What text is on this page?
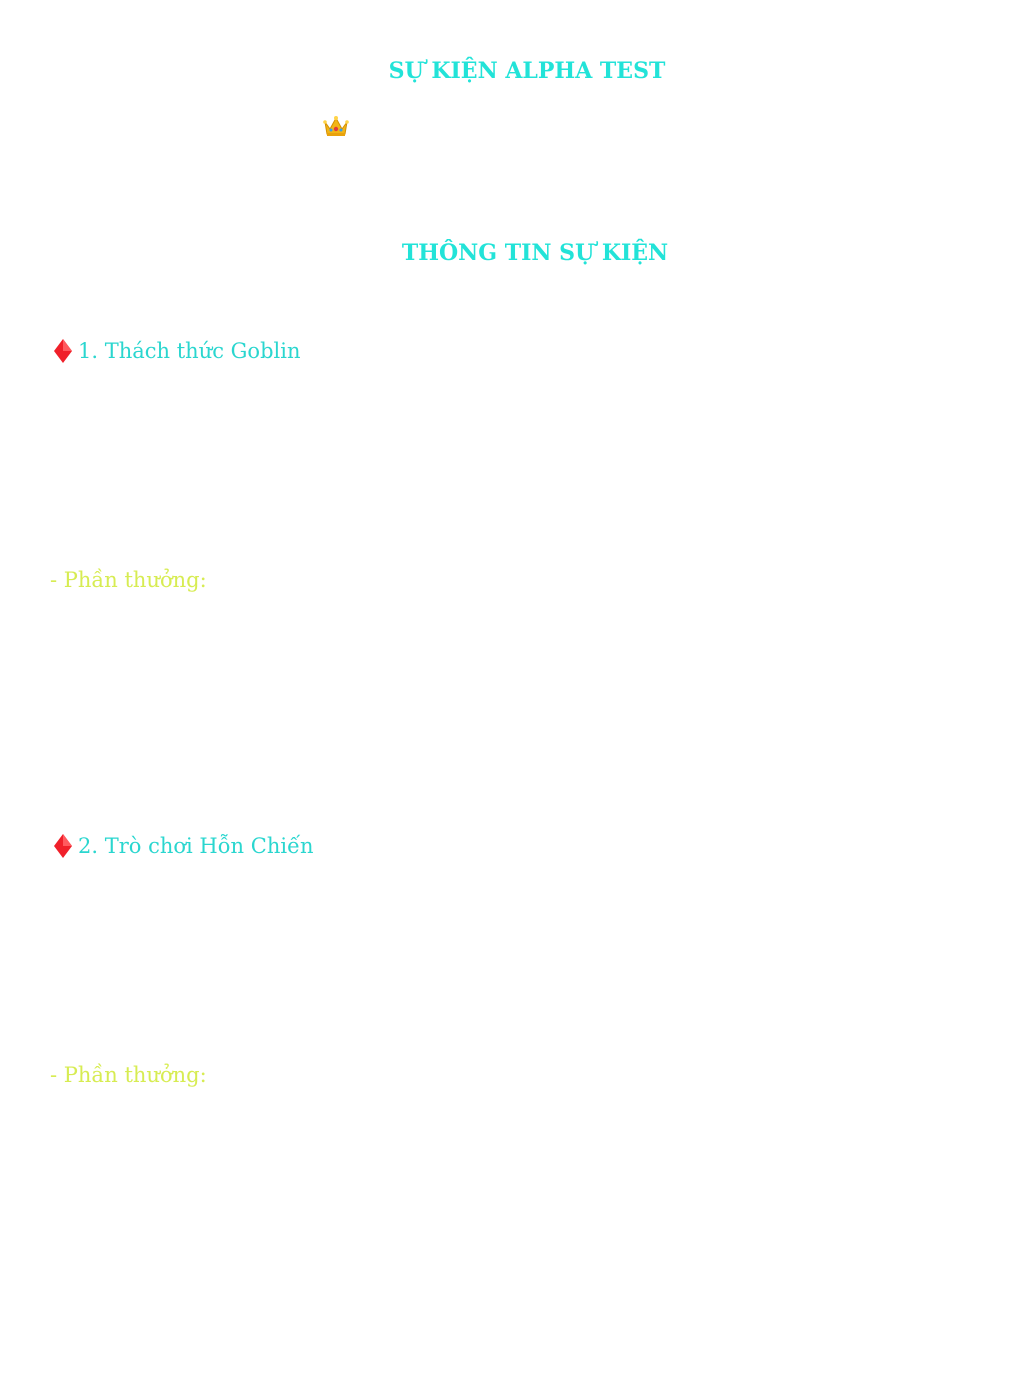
SỰ KIỆN ALPHA TEST
THÔNG TIN SỰ KIỆN
1. Thách thức Goblin

- Phần thưởng:

2. Trò chơi Hỗn Chiến

- Phần thưởng:
